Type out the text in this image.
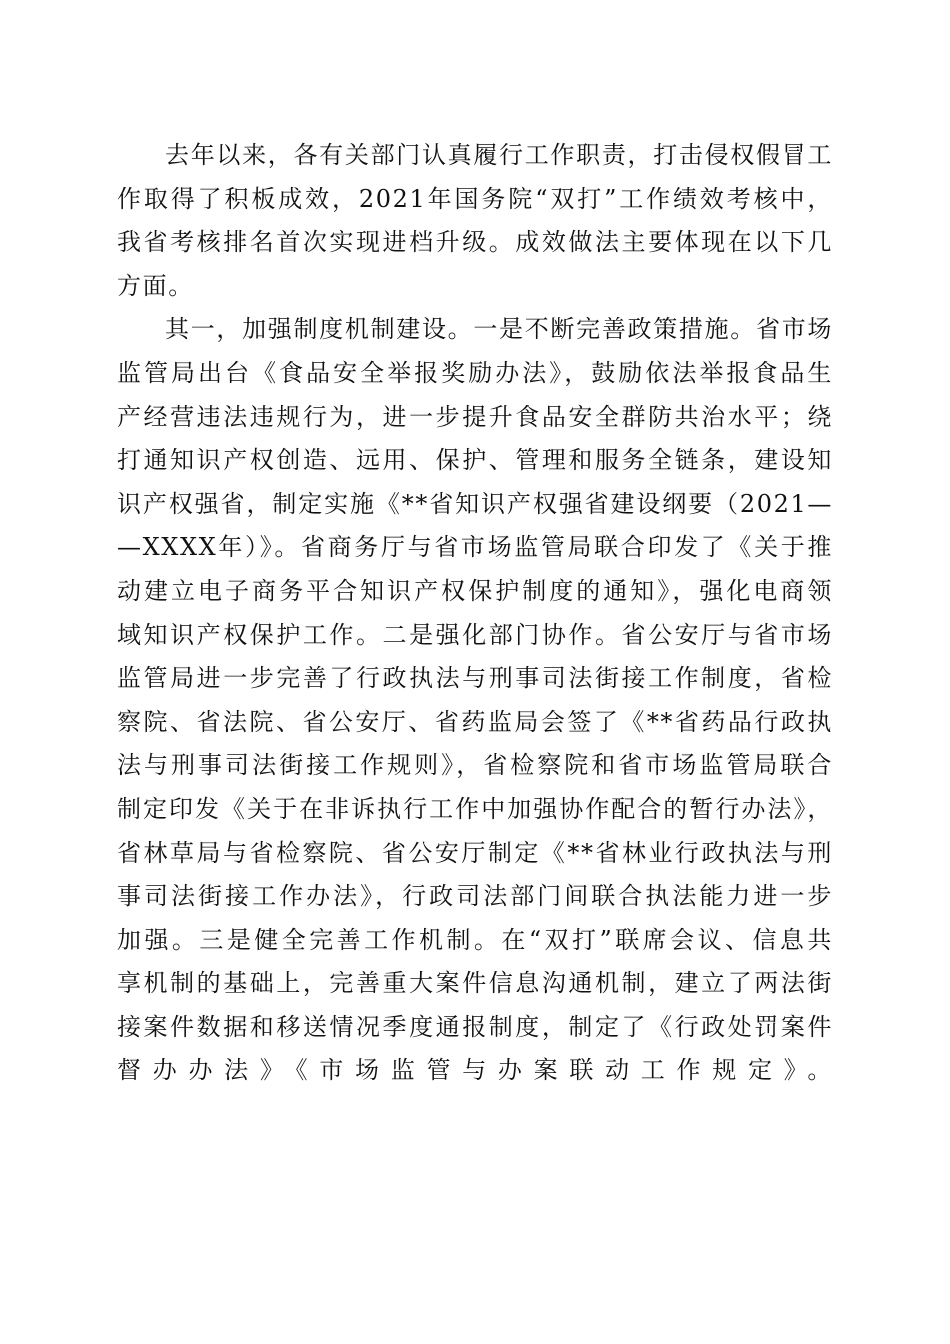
去年以来，各有关部门认真履行工作职责，打击侵权假冒工
作取得了积板成效，2021年国务院“双打”工作绩效考核中，
我省考核排名首次实现进档升级。成效做法主要体现在以下几
方面。
其一，加强制度机制建设。一是不断完善政策措施。省市场
监管局出台《食品安全举报奖励办法》，鼓励依法举报食品生
产经营违法违规行为，进一步提升食品安全群防共治水平；绕
打通知识产权创造、远用、保护、管理和服务全链条，建设知
识产权强省，制定实施《**省知识产权强省建设纲要（2021—
—XXXX年）》。省商务厅与省市场监管局联合印发了《关于推
动建立电子商务平合知识产权保护制度的通知》，强化电商领
域知识产权保护工作。二是强化部门协作。省公安厅与省市场
监管局进一步完善了行政执法与刑事司法街接工作制度，省检
察院、省法院、省公安厅、省药监局会签了《**省药品行政执
法与刑事司法街接工作规则》，省检察院和省市场监管局联合
制定印发《关于在非诉执行工作中加强协作配合的暂行办法》，
省林草局与省检察院、省公安厅制定《**省林业行政执法与刑
事司法街接工作办法》，行政司法部门间联合执法能力进一步
加强。三是健全完善工作机制。在“双打”联席会议、信息共
享机制的基础上，完善重大案件信息沟通机制，建立了两法街
接案件数据和移送情况季度通报制度，制定了《行政处罚案件
督办办法》《市场监管与办案联动工作规定》。
